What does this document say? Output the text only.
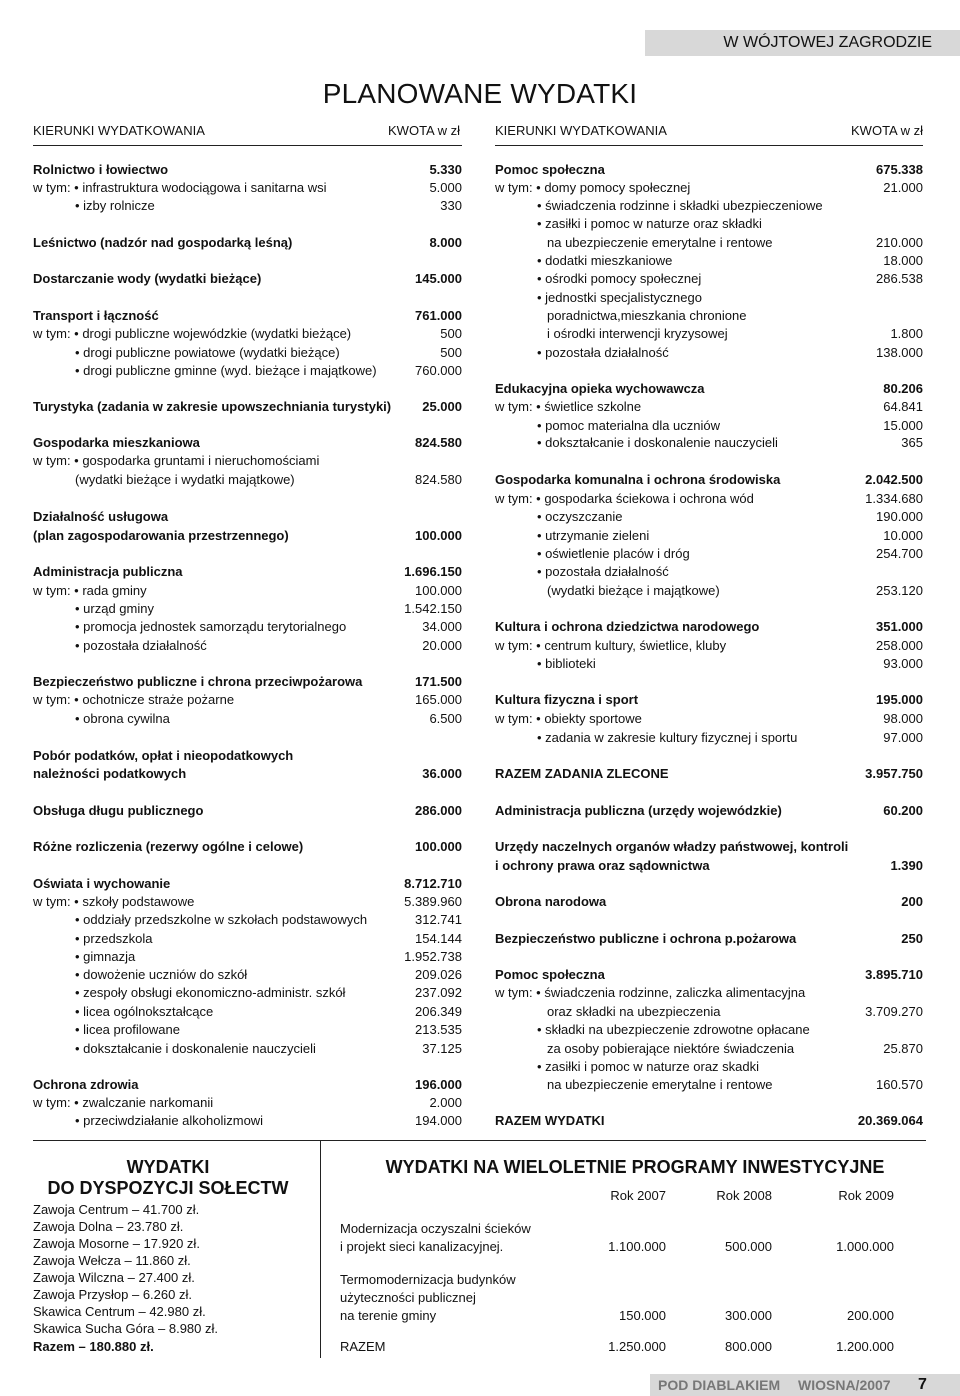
W WÓJTOWEJ ZAGRODZIE
PLANOWANE WYDATKI
KIERUNKI WYDATKOWANIA	KWOTA w zł	KIERUNKI WYDATKOWANIA	KWOTA w zł
Rolnictwo i łowiectwo	5.330
w tym: • infrastruktura wodociągowa i sanitarna wsi	5.000
• izby rolnicze	330
Leśnictwo (nadzór nad gospodarką leśną)	8.000
Dostarczanie wody (wydatki bieżące)	145.000
Transport i łączność	761.000
w tym: • drogi publiczne wojewódzkie (wydatki bieżące)	500
• drogi publiczne powiatowe (wydatki bieżące)	500
• drogi publiczne gminne (wyd. bieżące i majątkowe)	760.000
Turystyka (zadania w zakresie upowszechniania turystyki) 25.000
Gospodarka mieszkaniowa	824.580
w tym: • gospodarka gruntami i nieruchomościami
(wydatki bieżące i wydatki majątkowe)	824.580
Działalność usługowa
(plan zagospodarowania przestrzennego)	100.000
Administracja publiczna	1.696.150
w tym: • rada gminy	100.000
• urząd gminy	1.542.150
• promocja jednostek samorządu terytorialnego	34.000
• pozostała działalność	20.000
Bezpieczeństwo publiczne i chrona przeciwpożarowa	171.500
w tym: • ochotnicze straże pożarne	165.000
• obrona cywilna	6.500
Pobór podatków, opłat i nieopodatkowych
należności podatkowych	36.000
Obsługa długu publicznego	286.000
Różne rozliczenia (rezerwy ogólne i celowe)	100.000
Oświata i wychowanie	8.712.710
w tym: • szkoły podstawowe	5.389.960
• oddziały przedszkolne w szkołach podstawowych	312.741
• przedszkola	154.144
• gimnazja	1.952.738
• dowożenie uczniów do szkół	209.026
• zespoły obsługi ekonomiczno-administr. szkół	237.092
• licea ogólnokształcące	206.349
• licea profilowane	213.535
• dokształcanie i doskonalenie nauczycieli	37.125
Ochrona zdrowia	196.000
w tym: • zwalczanie narkomanii	2.000
• przeciwdziałanie alkoholizmowi	194.000
Pomoc społeczna	675.338
w tym: • domy pomocy społecznej	21.000
• świadczenia rodzinne i składki ubezpieczeniowe
• zasiłki i pomoc w naturze oraz składki
na ubezpieczenie emerytalne i rentowe	210.000
• dodatki mieszkaniowe	18.000
• ośrodki pomocy społecznej	286.538
• jednostki specjalistycznego
poradnictwa,mieszkania chronione
i ośrodki interwencji kryzysowej	1.800
• pozostała działalność	138.000
Edukacyjna opieka wychowawcza	80.206
w tym: • świetlice szkolne	64.841
• pomoc materialna dla uczniów	15.000
• dokształcanie i doskonalenie nauczycieli	365
Gospodarka komunalna i ochrona środowiska	2.042.500
w tym: • gospodarka ściekowa i ochrona wód	1.334.680
• oczyszczanie	190.000
• utrzymanie zieleni	10.000
• oświetlenie placów i dróg	254.700
• pozostała działalność
(wydatki bieżące i majątkowe)	253.120
Kultura i ochrona dziedzictwa narodowego	351.000
w tym: • centrum kultury, świetlice, kluby	258.000
• biblioteki	93.000
Kultura fizyczna i sport	195.000
w tym: • obiekty sportowe	98.000
• zadania w zakresie kultury fizycznej i sportu	97.000
RAZEM ZADANIA ZLECONE	3.957.750
Administracja publiczna (urzędy wojewódzkie)	60.200
Urzędy naczelnych organów władzy państwowej, kontroli
i ochrony prawa oraz sądownictwa	1.390
Obrona narodowa	200
Bezpieczeństwo publiczne i ochrona p.pożarowa	250
Pomoc społeczna	3.895.710
w tym: • świadczenia rodzinne, zaliczka alimentacyjna
oraz składki na ubezpieczenia	3.709.270
• składki na ubezpieczenie zdrowotne opłacane
za osoby pobierające niektóre świadczenia	25.870
• zasiłki i pomoc w naturze oraz skadki
na ubezpieczenie emerytalne i rentowe	160.570
RAZEM WYDATKI	20.369.064
WYDATKI
DO DYSPOZYCJI SOŁECTW
Zawoja Centrum – 41.700 zł.
Zawoja Dolna – 23.780 zł.
Zawoja Mosorne – 17.920 zł.
Zawoja Wełcza – 11.860 zł.
Zawoja Wilczna – 27.400 zł.
Zawoja Przysłop – 6.260 zł.
Skawica Centrum – 42.980 zł.
Skawica Sucha Góra – 8.980 zł.
Razem – 180.880 zł.
WYDATKI NA WIELOLETNIE PROGRAMY INWESTYCYJNE
Rok 2007	Rok 2008	Rok 2009
Modernizacja oczyszalni ścieków
i projekt sieci kanalizacyjnej.	1.100.000	500.000	1.000.000
Termomodernizacja budynków
użyteczności publicznej
na terenie gminy	150.000	300.000	200.000
RAZEM	1.250.000	800.000	1.200.000
POD DIABLAKIEM WIOSNA/2007 7
